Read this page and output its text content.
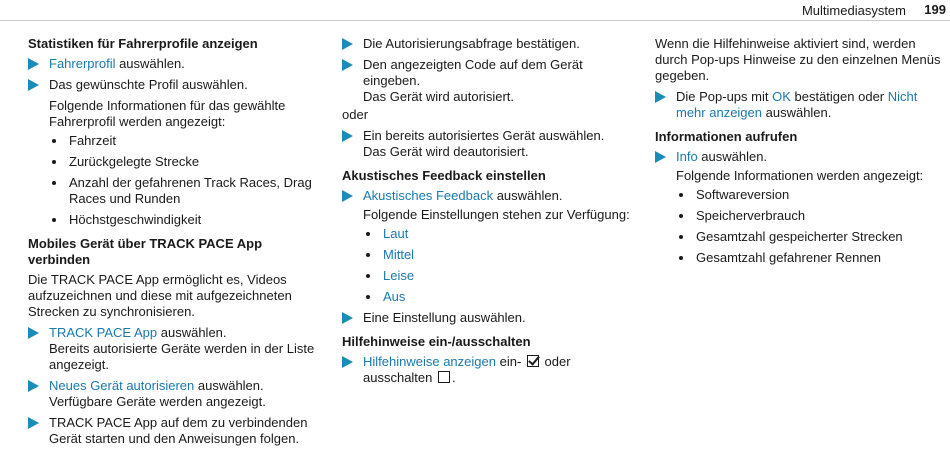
Multimediasystem 199
Statistiken für Fahrerprofile anzeigen
Fahrerprofil auswählen.
Das gewünschte Profil auswählen.
Folgende Informationen für das gewählte Fahrerprofil werden angezeigt:
Fahrzeit
Zurückgelegte Strecke
Anzahl der gefahrenen Track Races, Drag Races und Runden
Höchstgeschwindigkeit
Mobiles Gerät über TRACK PACE App verbinden
Die TRACK PACE App ermöglicht es, Videos aufzuzeichnen und diese mit aufgezeichneten Strecken zu synchronisieren.
TRACK PACE App auswählen.
Bereits autorisierte Geräte werden in der Liste angezeigt.
Neues Gerät autorisieren auswählen.
Verfügbare Geräte werden angezeigt.
TRACK PACE App auf dem zu verbindenden Gerät starten und den Anweisungen folgen.
Die Autorisierungsabfrage bestätigen.
Den angezeigten Code auf dem Gerät eingeben.
Das Gerät wird autorisiert.
oder
Ein bereits autorisiertes Gerät auswählen.
Das Gerät wird deautorisiert.
Akustisches Feedback einstellen
Akustisches Feedback auswählen.
Folgende Einstellungen stehen zur Verfügung:
Laut
Mittel
Leise
Aus
Eine Einstellung auswählen.
Hilfehinweise ein-/ausschalten
Hilfehinweise anzeigen ein-  oder ausschalten .
Wenn die Hilfehinweise aktiviert sind, werden durch Pop-ups Hinweise zu den einzelnen Menüs gegeben.
Die Pop-ups mit OK bestätigen oder Nicht mehr anzeigen auswählen.
Informationen aufrufen
Info auswählen.
Folgende Informationen werden angezeigt:
Softwareversion
Speicherverbrauch
Gesamtzahl gespeicherter Strecken
Gesamtzahl gefahrener Rennen
